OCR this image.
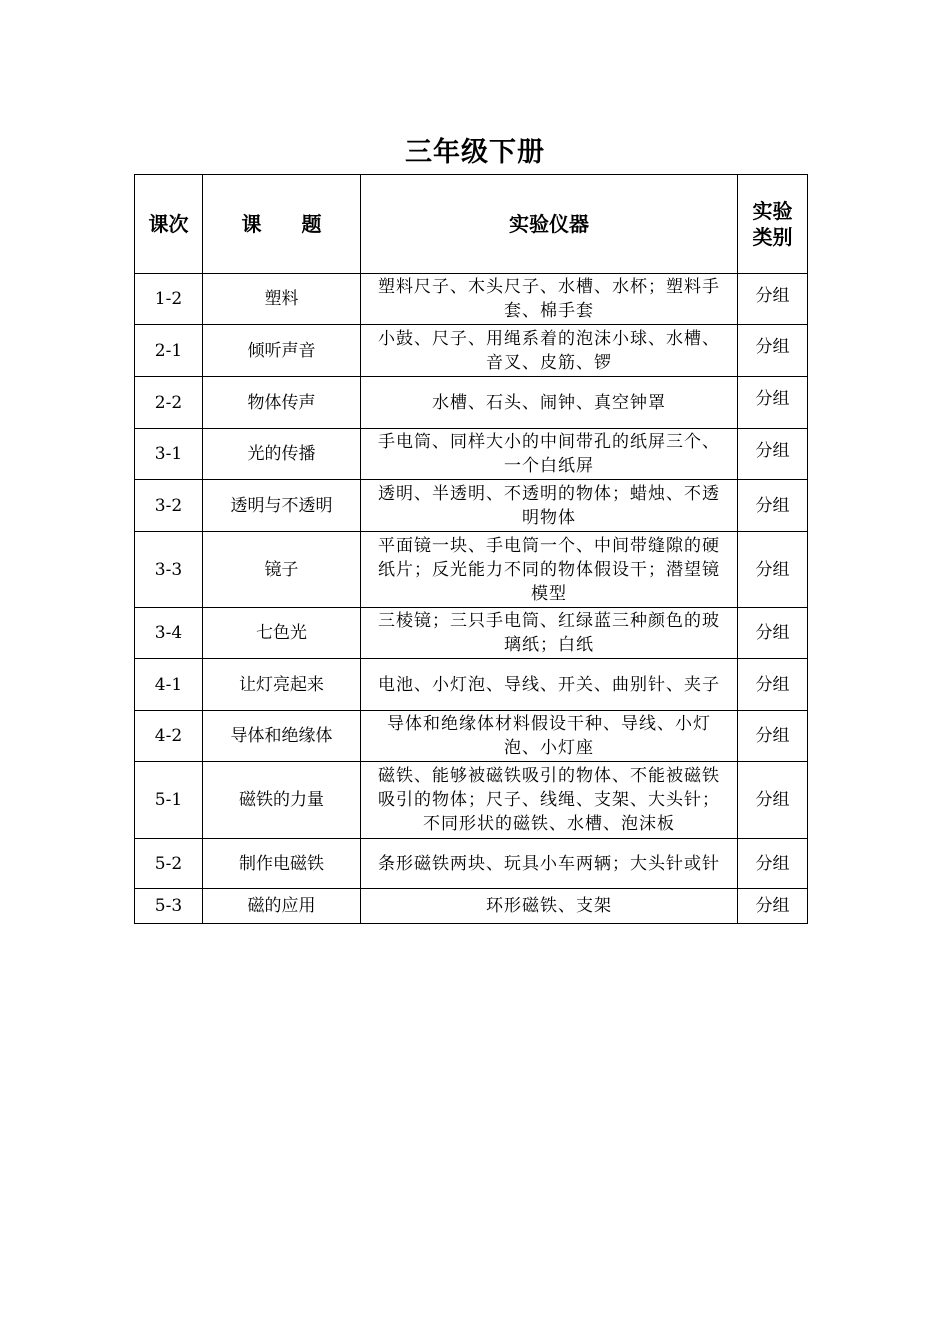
三年级下册
课次	课　　题	实验仪器	实验类别
1-2	塑料	塑料尺子、木头尺子、水槽、水杯；塑料手套、棉手套	分组
2-1	倾听声音	小鼓、尺子、用绳系着的泡沫小球、水槽、音叉、皮筋、锣	分组
2-2	物体传声	水槽、石头、闹钟、真空钟罩	分组
3-1	光的传播	手电筒、同样大小的中间带孔的纸屏三个、一个白纸屏	分组
3-2	透明与不透明	透明、半透明、不透明的物体；蜡烛、不透明物体	分组
3-3	镜子	平面镜一块、手电筒一个、中间带缝隙的硬纸片；反光能力不同的物体假设干；潜望镜模型	分组
3-4	七色光	三棱镜；三只手电筒、红绿蓝三种颜色的玻璃纸；白纸	分组
4-1	让灯亮起来	电池、小灯泡、导线、开关、曲别针、夹子	分组
4-2	导体和绝缘体	导体和绝缘体材料假设干种、导线、小灯泡、小灯座	分组
5-1	磁铁的力量	磁铁、能够被磁铁吸引的物体、不能被磁铁吸引的物体；尺子、线绳、支架、大头针；不同形状的磁铁、水槽、泡沫板	分组
5-2	制作电磁铁	条形磁铁两块、玩具小车两辆；大头针或针	分组
5-3	磁的应用	环形磁铁、支架	分组
